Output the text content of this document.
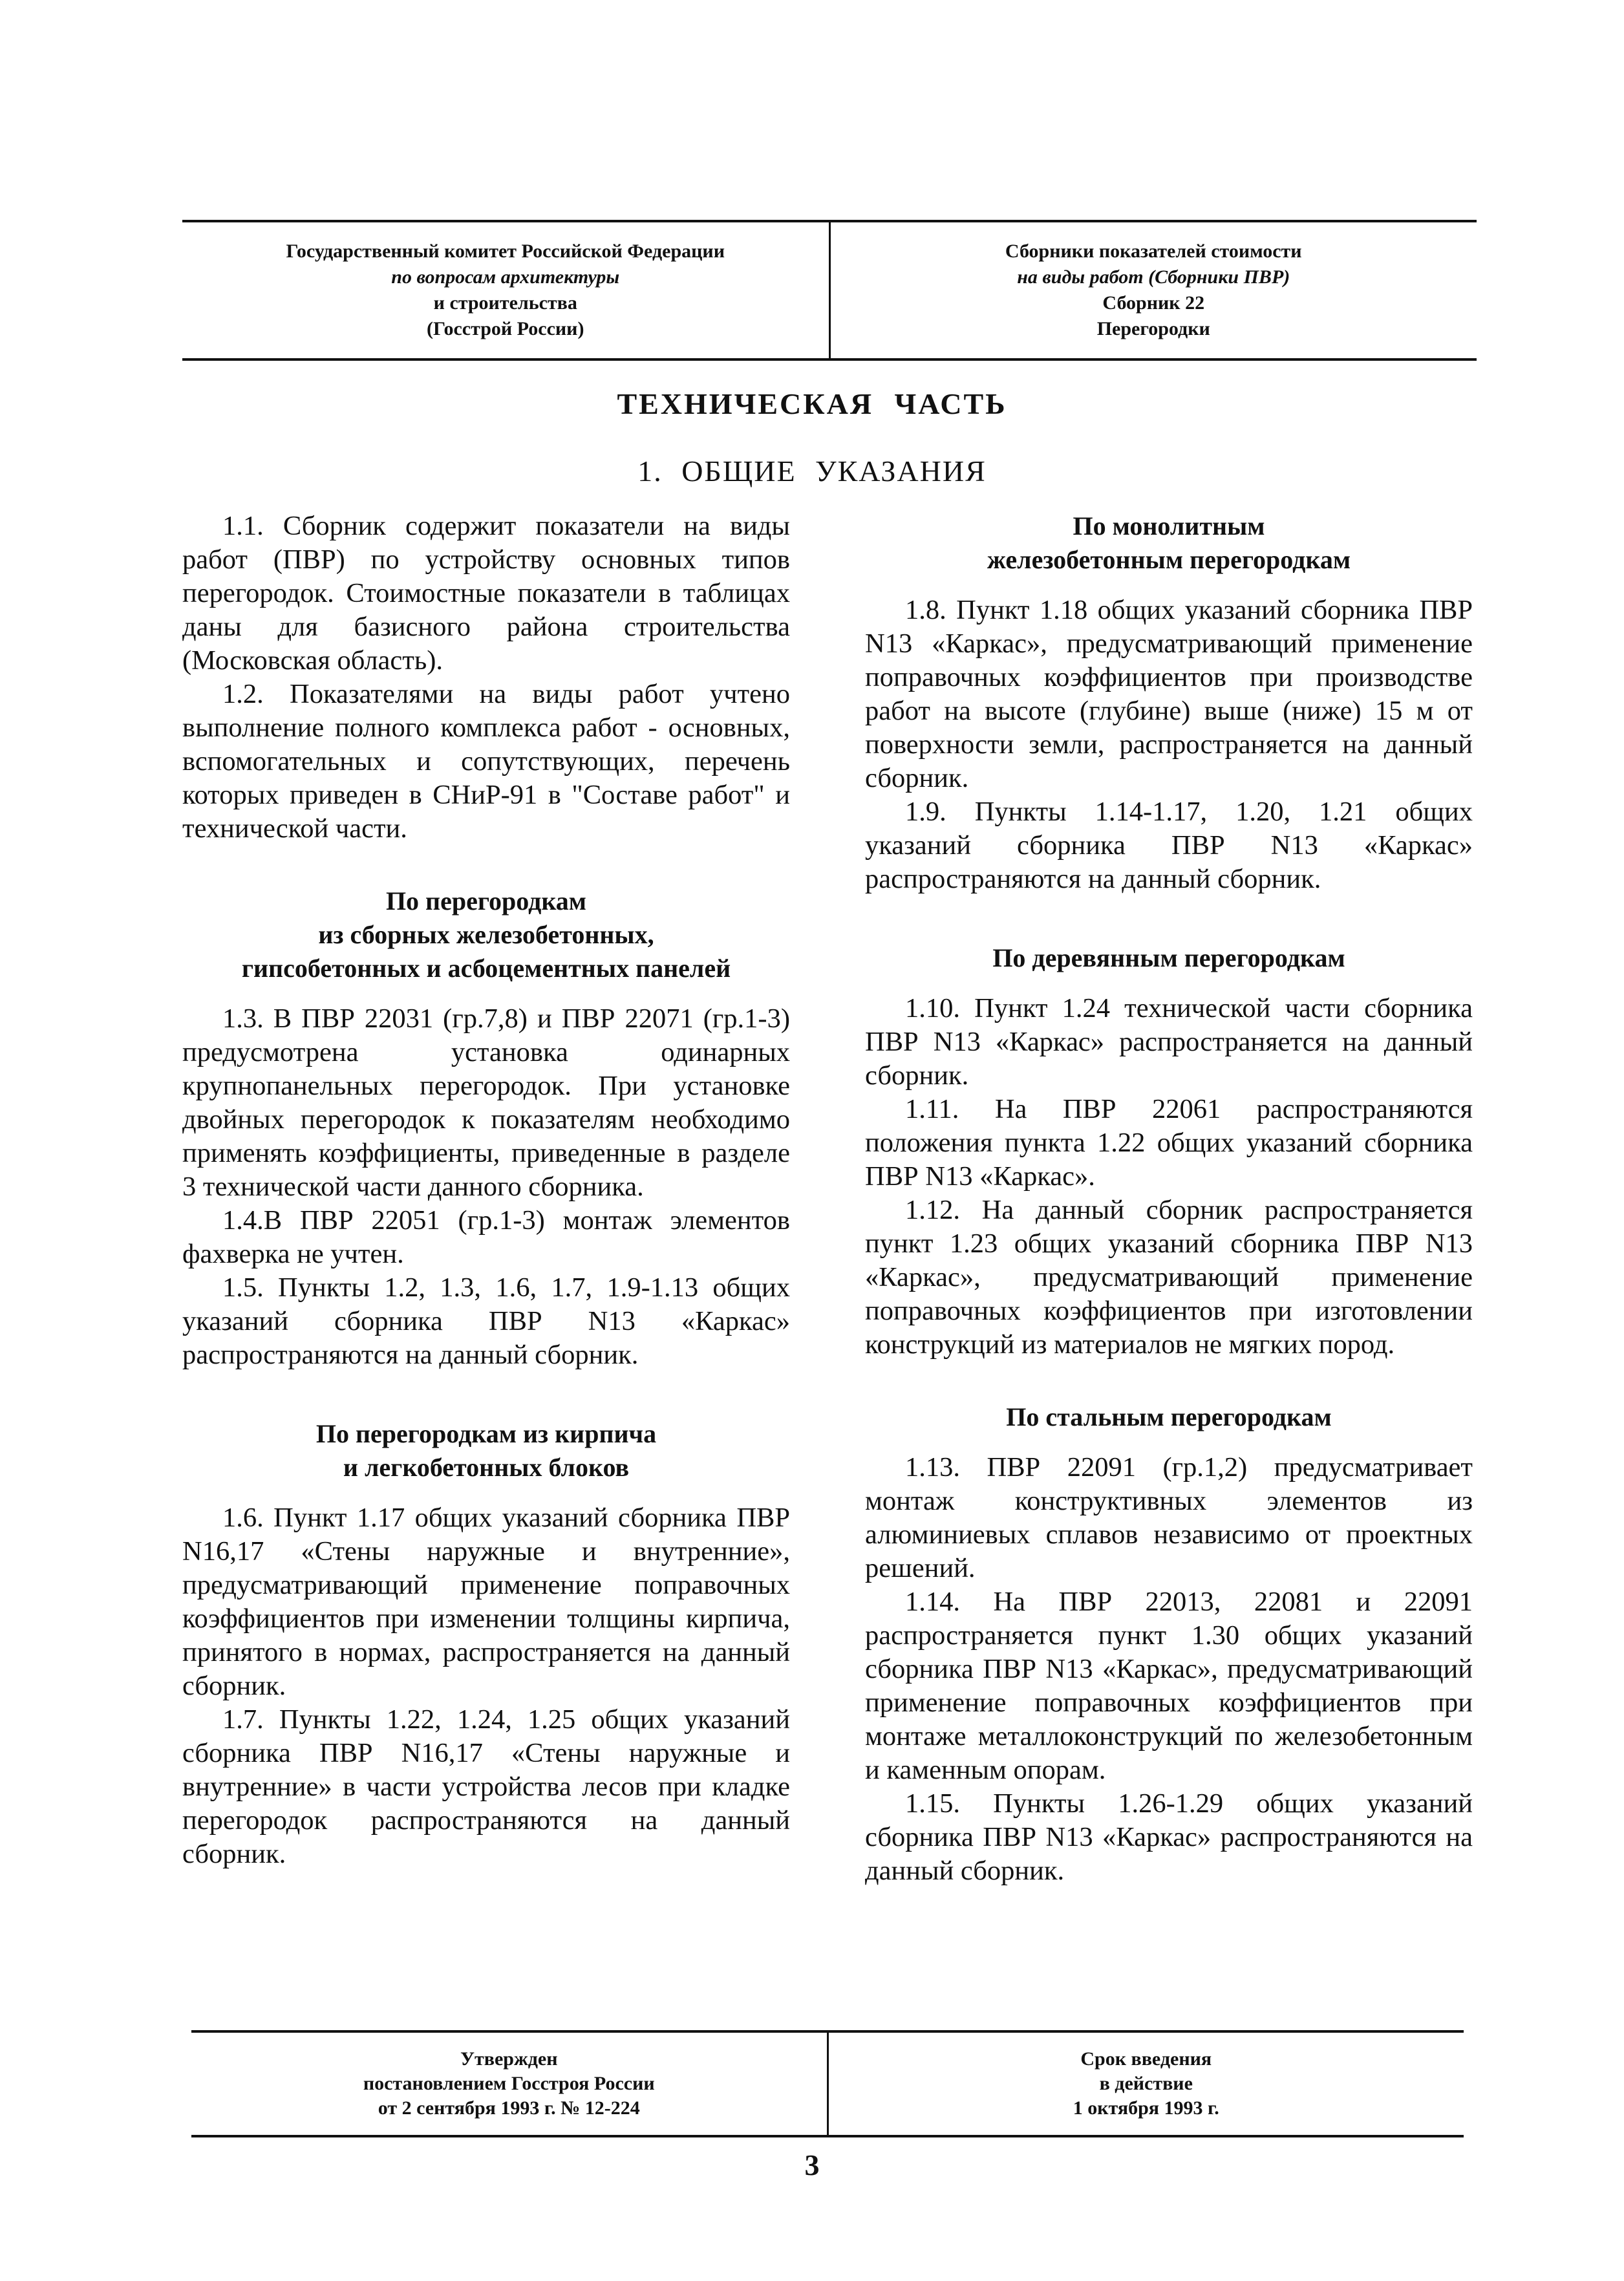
Государственный комитет Российской Федерации
по вопросам архитектуры
и строительства
(Госстрой России)
Сборники показателей стоимости
на виды работ (Сборники ПВР)
Сборник 22
Перегородки
ТЕХНИЧЕСКАЯ ЧАСТЬ
1. ОБЩИЕ УКАЗАНИЯ

1.1. Сборник содержит показатели на виды работ (ПВР) по устройству основных типов перегородок. Стоимостные показатели в таблицах даны для базисного района строительства (Московская область).

1.2. Показателями на виды работ учтено выполнение полного комплекса работ - основных, вспомогательных и сопутствующих, перечень которых приведен в СНиР-91 в "Составе работ" и технической части.

По перегородкам
из сборных железобетонных,
гипсобетонных и асбоцементных панелей

1.3. В ПВР 22031 (гр.7,8) и ПВР 22071 (гр.1-3) предусмотрена установка одинарных крупнопанельных перегородок. При установке двойных перегородок к показателям необходимо применять коэффициенты, приведенные в разделе 3 технической части данного сборника.

1.4.В ПВР 22051 (гр.1-3) монтаж элементов фахверка не учтен.

1.5. Пункты 1.2, 1.3, 1.6, 1.7, 1.9-1.13 общих указаний сборника ПВР N13 «Каркас» распространяются на данный сборник.

По перегородкам из кирпича
и легкобетонных блоков

1.6. Пункт 1.17 общих указаний сборника ПВР N16,17 «Стены наружные и внутренние», предусматривающий применение поправочных коэффициентов при изменении толщины кирпича, принятого в нормах, распространяется на данный сборник.

1.7. Пункты 1.22, 1.24, 1.25 общих указаний сборника ПВР N16,17 «Стены наружные и внутренние» в части устройства лесов при кладке перегородок распространяются на данный сборник.

По монолитным
железобетонным перегородкам

1.8. Пункт 1.18 общих указаний сборника ПВР N13 «Каркас», предусматривающий применение поправочных коэффициентов при производстве работ на высоте (глубине) выше (ниже) 15 м от поверхности земли, распространяется на данный сборник.

1.9. Пункты 1.14-1.17, 1.20, 1.21 общих указаний сборника ПВР N13 «Каркас» распространяются на данный сборник.

По деревянным перегородкам

1.10. Пункт 1.24 технической части сборника ПВР N13 «Каркас» распространяется на данный сборник.

1.11. На ПВР 22061 распространяются положения пункта 1.22 общих указаний сборника ПВР N13 «Каркас».

1.12. На данный сборник распространяется пункт 1.23 общих указаний сборника ПВР N13 «Каркас», предусматривающий применение поправочных коэффициентов при изготовлении конструкций из материалов не мягких пород.

По стальным перегородкам

1.13. ПВР 22091 (гр.1,2) предусматривает монтаж конструктивных элементов из алюминиевых сплавов независимо от проектных решений.

1.14. На ПВР 22013, 22081 и 22091 распространяется пункт 1.30 общих указаний сборника ПВР N13 «Каркас», предусматривающий применение поправочных коэффициентов при монтаже металлоконструкций по железобетонным и каменным опорам.

1.15. Пункты 1.26-1.29 общих указаний сборника ПВР N13 «Каркас» распространяются на данный сборник.

Утвержден
постановлением Госстроя России
от 2 сентября 1993 г. № 12-224
Срок введения
в действие
1 октября 1993 г.
3
